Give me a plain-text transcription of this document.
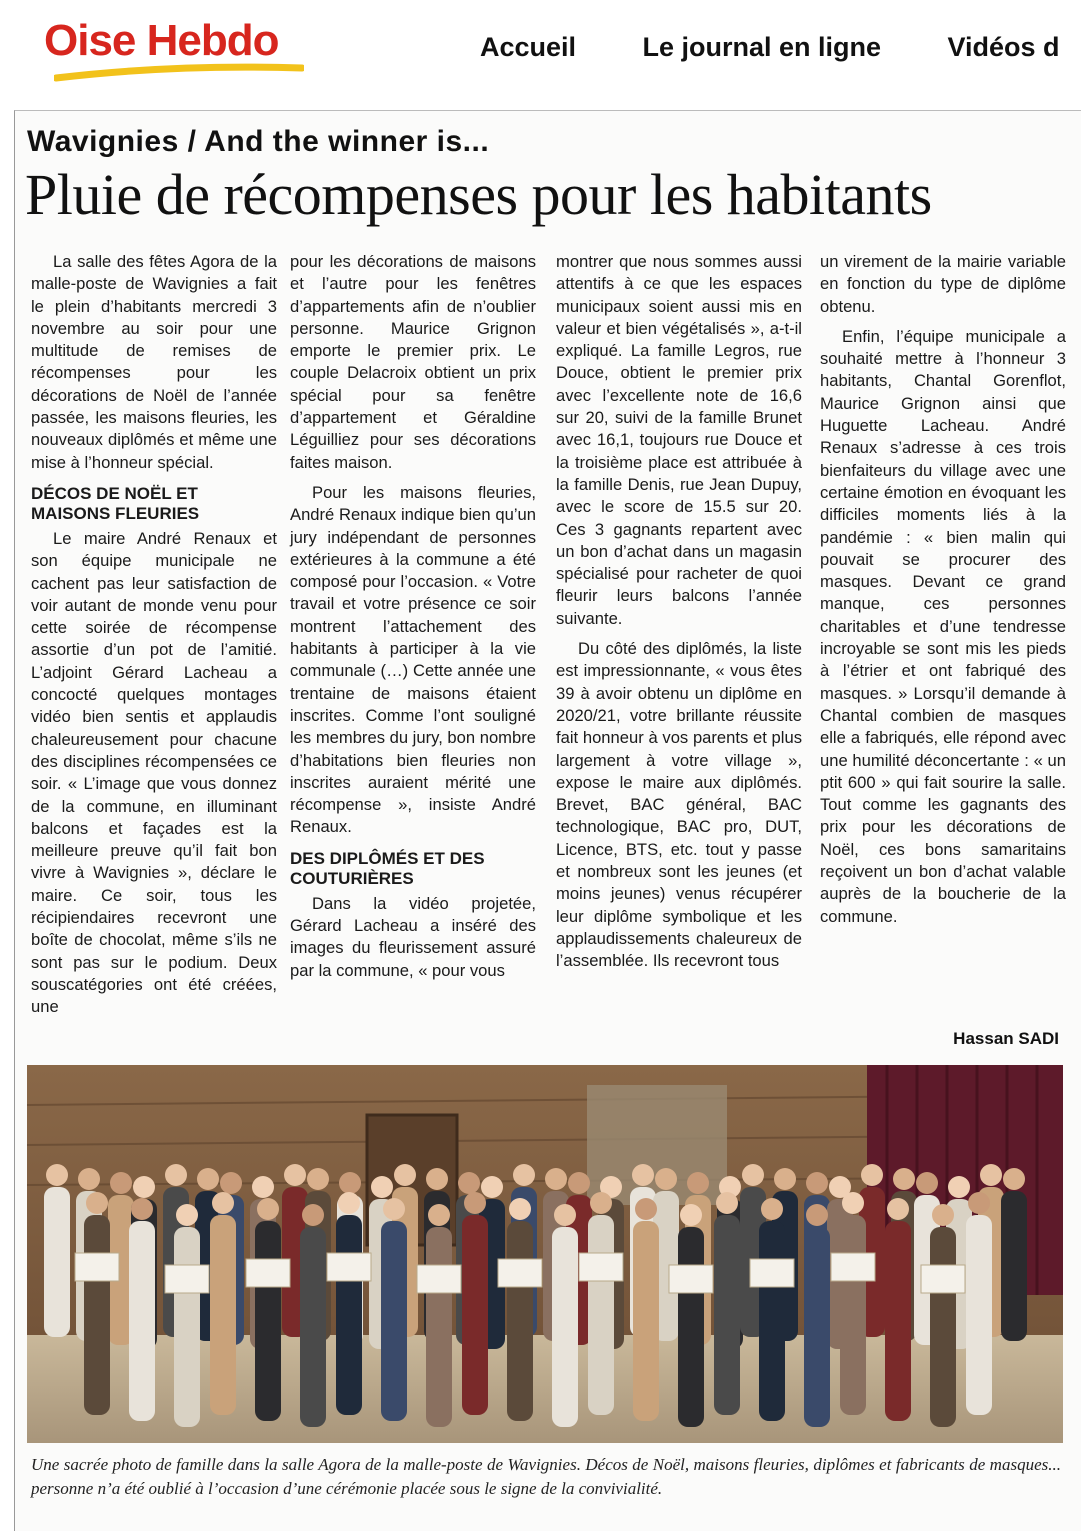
Oise Hebdo	Accueil Le journal en ligne Vidéos d
Wavignies / And the winner is...
Pluie de récompenses pour les habitants

La salle des fêtes Agora de la malle-poste de Wavignies a fait le plein d’habitants mercredi 3 novembre au soir pour une multitude de remises de récompenses pour les décorations de Noël de l’année passée, les maisons fleuries, les nouveaux diplômés et même une mise à l’honneur spécial.

DÉCOS DE NOËL ET MAISONS FLEURIES

Le maire André Renaux et son équipe municipale ne cachent pas leur satisfaction de voir autant de monde venu pour cette soirée de récompense assortie d’un pot de l’amitié. L’adjoint Gérard Lacheau a concocté quelques montages vidéo bien sentis et applaudis chaleureusement pour chacune des disciplines récompensées ce soir. « L’image que vous donnez de la commune, en illuminant balcons et façades est la meilleure preuve qu’il fait bon vivre à Wavignies », déclare le maire. Ce soir, tous les récipiendaires recevront une boîte de chocolat, même s’ils ne sont pas sur le podium. Deux souscatégories ont été créées, une

pour les décorations de maisons et l’autre pour les fenêtres d’appartements afin de n’oublier personne. Maurice Grignon emporte le premier prix. Le couple Delacroix obtient un prix spécial pour sa fenêtre d’appartement et Géraldine Léguilliez pour ses décorations faites maison.

Pour les maisons fleuries, André Renaux indique bien qu’un jury indépendant de personnes extérieures à la commune a été composé pour l’occasion. « Votre travail et votre présence ce soir montrent l’attachement des habitants à participer à la vie communale (…) Cette année une trentaine de maisons étaient inscrites. Comme l’ont souligné les membres du jury, bon nombre d’habitations bien fleuries non inscrites auraient mérité une récompense », insiste André Renaux.

DES DIPLÔMÉS ET DES COUTURIÈRES

Dans la vidéo projetée, Gérard Lacheau a inséré des images du fleurissement assuré par la commune, « pour vous

montrer que nous sommes aussi attentifs à ce que les espaces municipaux soient aussi mis en valeur et bien végétalisés », a-t-il expliqué. La famille Legros, rue Douce, obtient le premier prix avec l’excellente note de 16,6 sur 20, suivi de la famille Brunet avec 16,1, toujours rue Douce et la troisième place est attribuée à la famille Denis, rue Jean Dupuy, avec le score de 15.5 sur 20. Ces 3 gagnants repartent avec un bon d’achat dans un magasin spécialisé pour racheter de quoi fleurir leurs balcons l’année suivante.

Du côté des diplômés, la liste est impressionnante, « vous êtes 39 à avoir obtenu un diplôme en 2020/21, votre brillante réussite fait honneur à vos parents et plus largement à votre village », expose le maire aux diplômés. Brevet, BAC général, BAC technologique, BAC pro, DUT, Licence, BTS, etc. tout y passe et nombreux sont les jeunes (et moins jeunes) venus récupérer leur diplôme symbolique et les applaudissements chaleureux de l’assemblée. Ils recevront tous

un virement de la mairie variable en fonction du type de diplôme obtenu.

Enfin, l’équipe municipale a souhaité mettre à l’honneur 3 habitants, Chantal Gorenflot, Maurice Grignon ainsi que Huguette Lacheau. André Renaux s’adresse à ces trois bienfaiteurs du village avec une certaine émotion en évoquant les difficiles moments liés à la pandémie : « bien malin qui pouvait se procurer des masques. Devant ce grand manque, ces personnes charitables et d’une tendresse incroyable se sont mis les pieds à l’étrier et ont fabriqué des masques. » Lorsqu’il demande à Chantal combien de masques elle a fabriqués, elle répond avec une humilité déconcertante : « un ptit 600 » qui fait sourire la salle. Tout comme les gagnants des prix pour les décorations de Noël, ces bons samaritains reçoivent un bon d’achat valable auprès de la boucherie de la commune.

Hassan SADI
Une sacrée photo de famille dans la salle Agora de la malle-poste de Wavignies. Décos de Noël, maisons fleuries, diplômes et fabricants de masques... personne n’a été oublié à l’occasion d’une cérémonie placée sous le signe de la convivialité.
